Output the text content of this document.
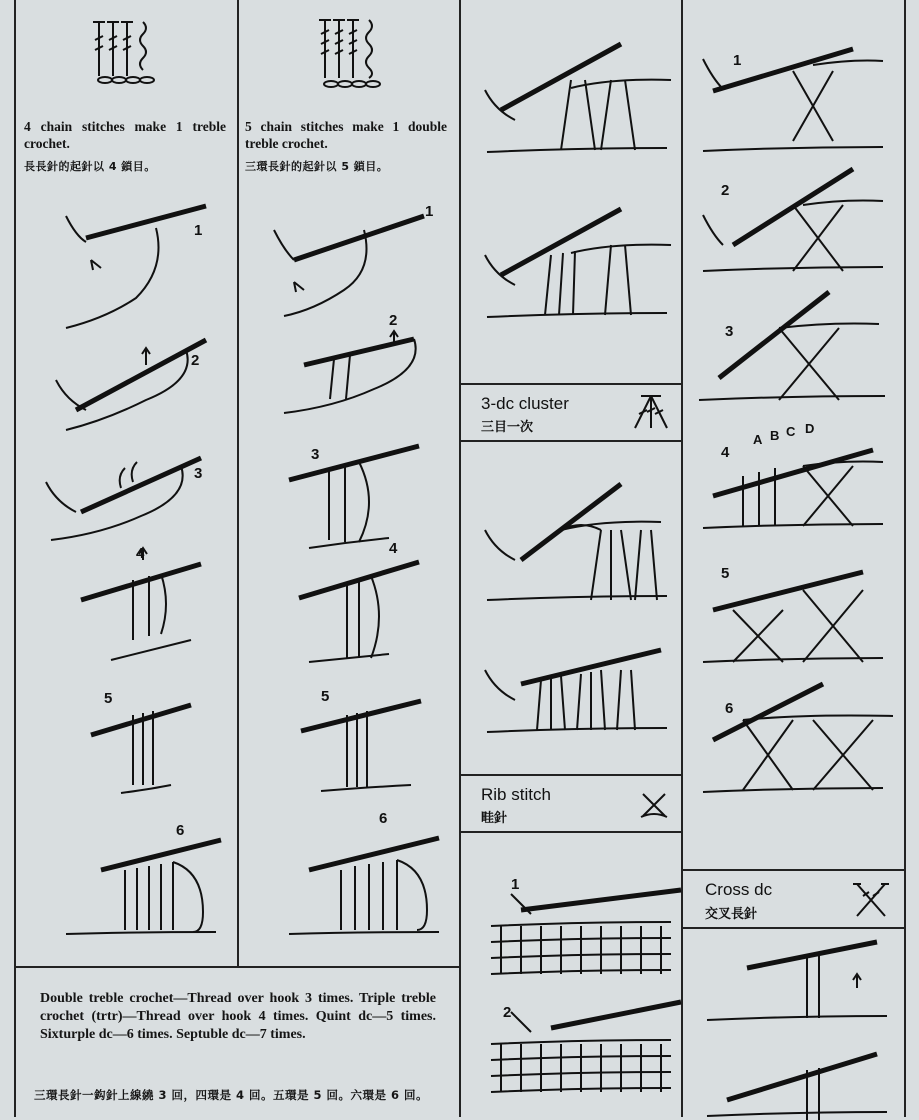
4 chain stitches make 1 treble crochet.
長長針的起針以 4 鎖目。
1
2
3
4
5
6
5 chain stitches make 1 double treble crochet.
三環長針的起針以 5 鎖目。
1
2
3
4
5
6
Double treble crochet—Thread over hook 3 times. Triple treble crochet (trtr)—Thread over hook 4 times. Quint dc—5 times. Sixturple dc—6 times. Septuble dc—7 times.
三環長針一鈎針上線繞 3 回，四環是 4 回。五環是 5 回。六環是 6 回。
3-dc cluster
三目一次
Rib stitch
畦針
1
2
1
2
3
4
A B C D
5
6
Cross dc
交叉長針
